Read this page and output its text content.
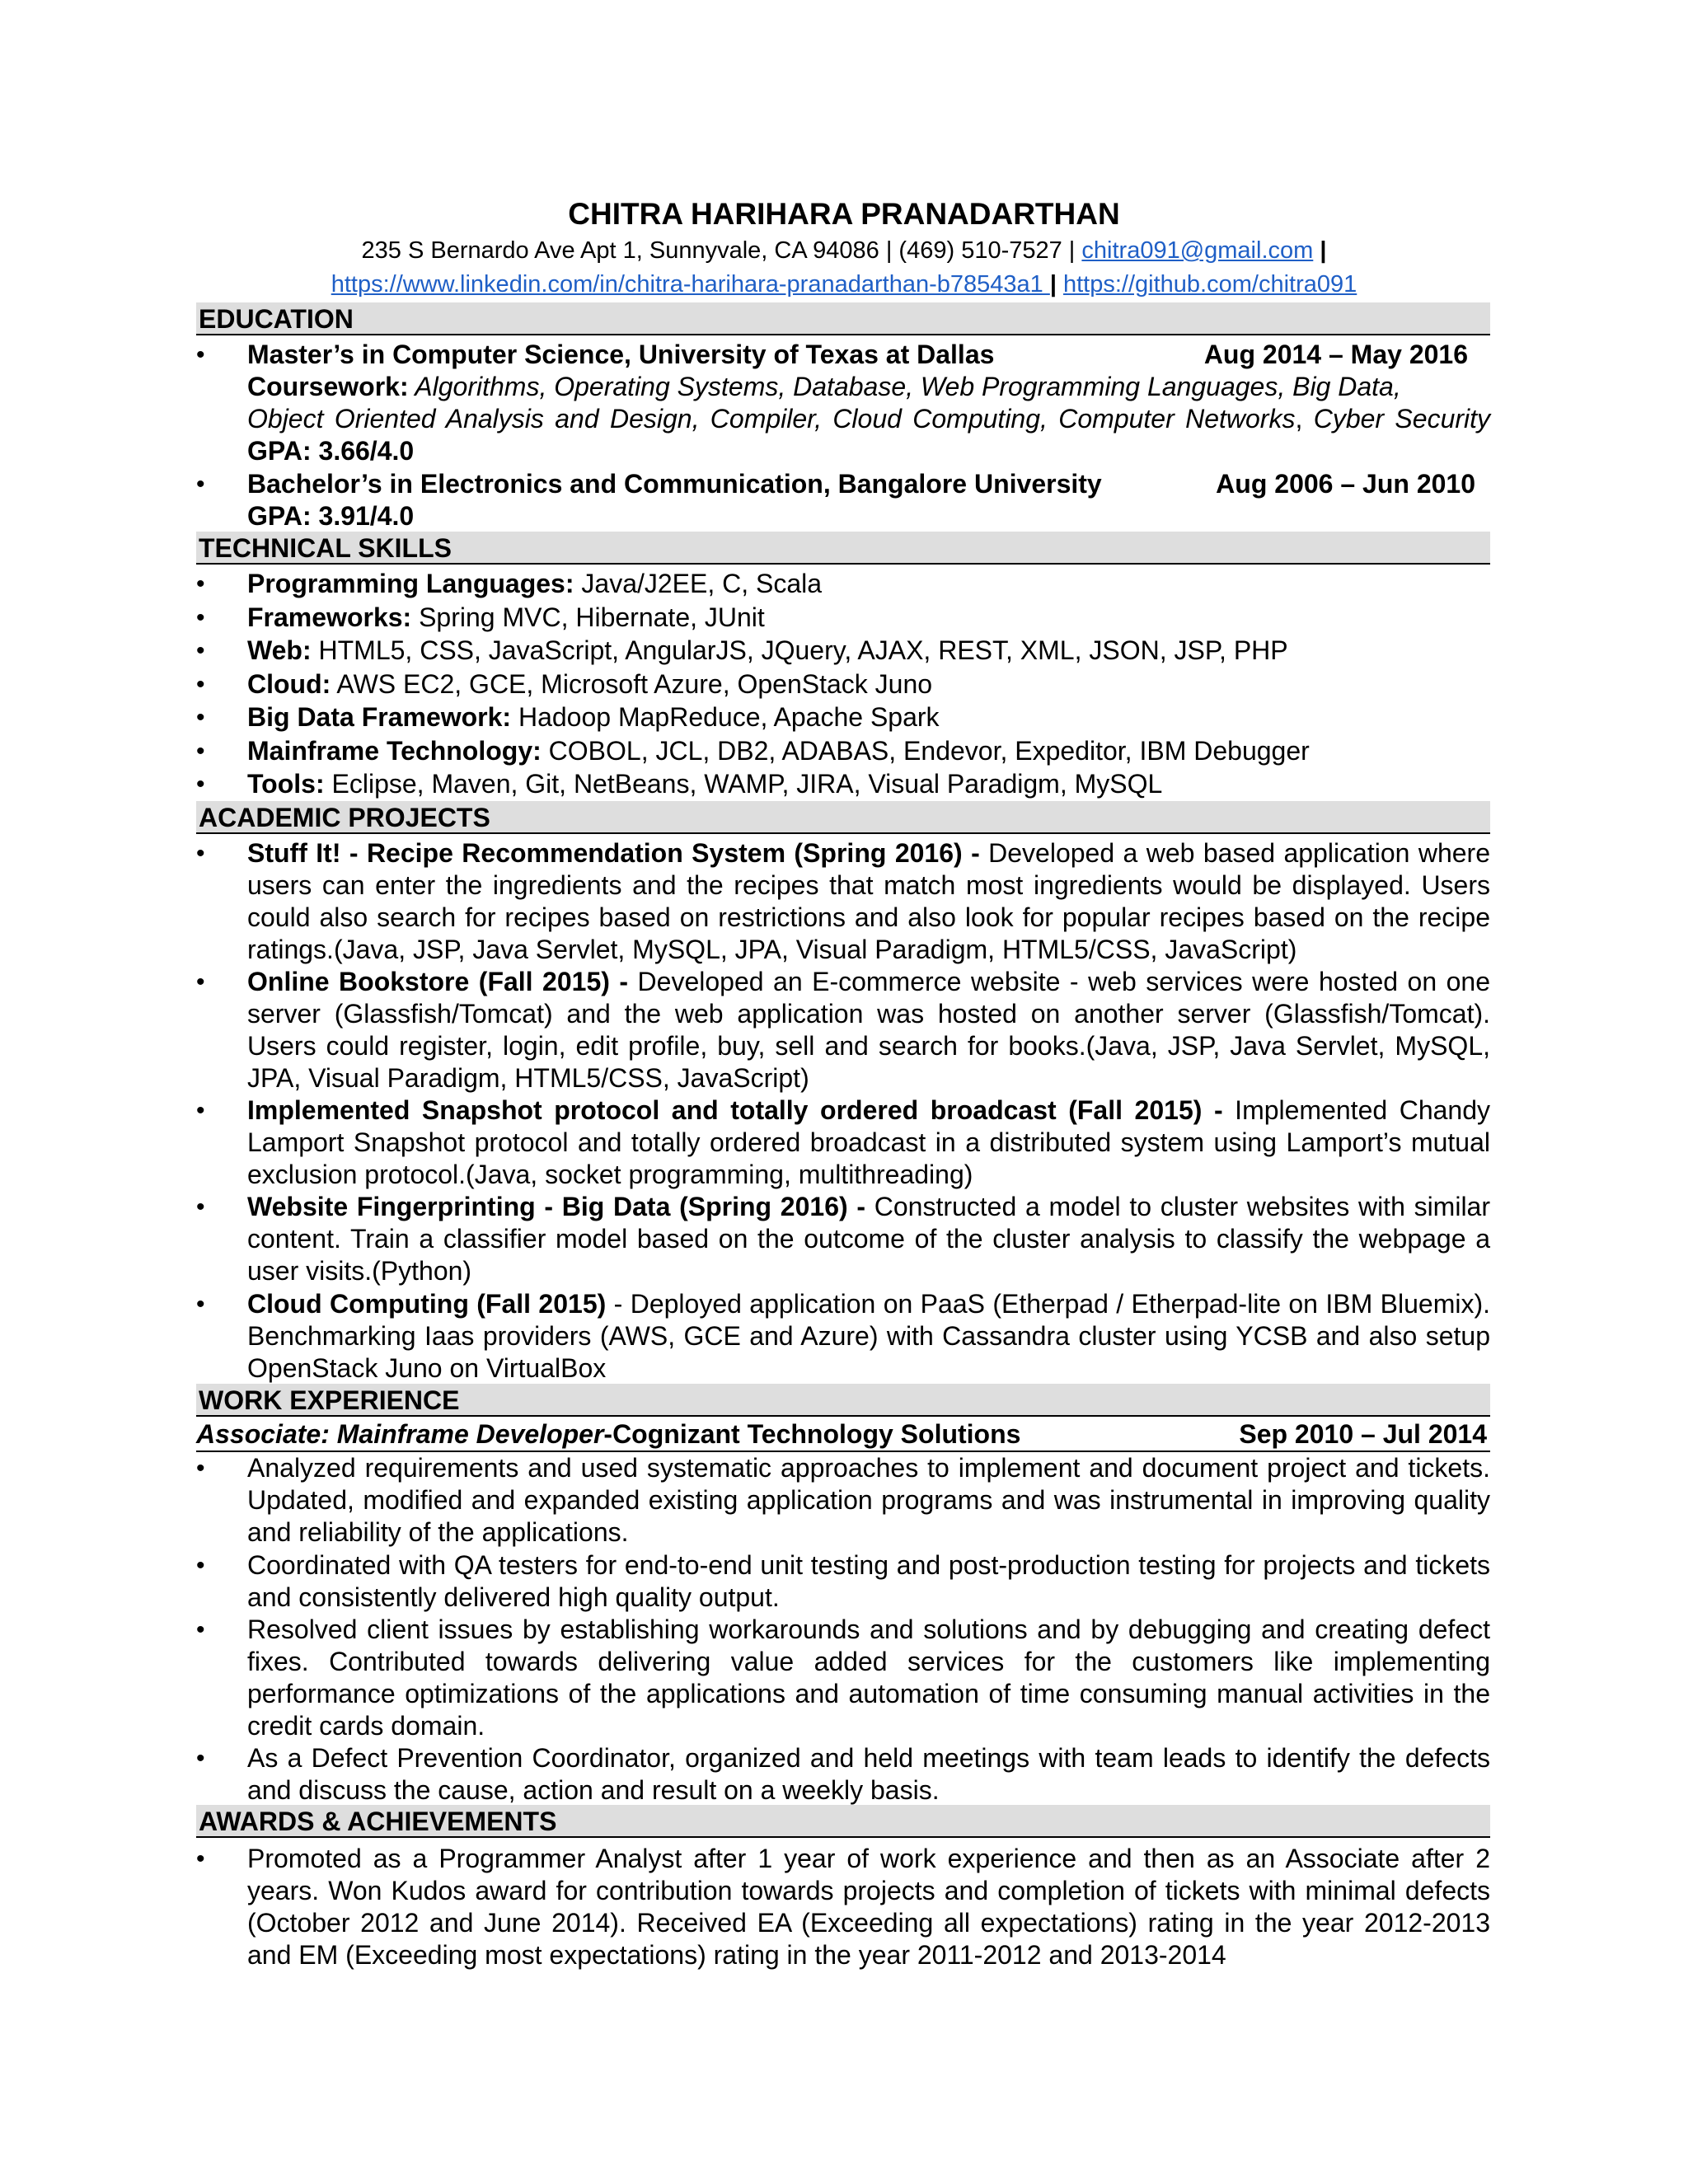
CHITRA HARIHARA PRANADARTHAN
235 S Bernardo Ave Apt 1, Sunnyvale, CA 94086 | (469) 510-7527 | chitra091@gmail.com |
https://www.linkedin.com/in/chitra-harihara-pranadarthan-b78543a1 | https://github.com/chitra091
EDUCATION
• Master’s in Computer Science, University of Texas at Dallas	Aug 2014 – May 2016
Coursework: Algorithms, Operating Systems, Database, Web Programming Languages, Big Data,
Object Oriented Analysis and Design, Compiler, Cloud Computing, Computer Networks, Cyber Security
GPA: 3.66/4.0
• Bachelor’s in Electronics and Communication, Bangalore University	Aug 2006 – Jun 2010
GPA: 3.91/4.0
TECHNICAL SKILLS
• Programming Languages: Java/J2EE, C, Scala
• Frameworks: Spring MVC, Hibernate, JUnit
• Web: HTML5, CSS, JavaScript, AngularJS, JQuery, AJAX, REST, XML, JSON, JSP, PHP
• Cloud: AWS EC2, GCE, Microsoft Azure, OpenStack Juno
• Big Data Framework: Hadoop MapReduce, Apache Spark
• Mainframe Technology: COBOL, JCL, DB2, ADABAS, Endevor, Expeditor, IBM Debugger
• Tools: Eclipse, Maven, Git, NetBeans, WAMP, JIRA, Visual Paradigm, MySQL
ACADEMIC PROJECTS
• Stuff It! - Recipe Recommendation System (Spring 2016) - Developed a web based application where users can enter the ingredients and the recipes that match most ingredients would be displayed. Users could also search for recipes based on restrictions and also look for popular recipes based on the recipe ratings.(Java, JSP, Java Servlet, MySQL, JPA, Visual Paradigm, HTML5/CSS, JavaScript)
• Online Bookstore (Fall 2015) - Developed an E-commerce website - web services were hosted on one server (Glassfish/Tomcat) and the web application was hosted on another server (Glassfish/Tomcat). Users could register, login, edit profile, buy, sell and search for books.(Java, JSP, Java Servlet, MySQL, JPA, Visual Paradigm, HTML5/CSS, JavaScript)
• Implemented Snapshot protocol and totally ordered broadcast (Fall 2015) - Implemented Chandy Lamport Snapshot protocol and totally ordered broadcast in a distributed system using Lamport’s mutual exclusion protocol.(Java, socket programming, multithreading)
• Website Fingerprinting - Big Data (Spring 2016) - Constructed a model to cluster websites with similar content. Train a classifier model based on the outcome of the cluster analysis to classify the webpage a user visits.(Python)
• Cloud Computing (Fall 2015) - Deployed application on PaaS (Etherpad / Etherpad-lite on IBM Bluemix). Benchmarking Iaas providers (AWS, GCE and Azure) with Cassandra cluster using YCSB and also setup OpenStack Juno on VirtualBox
WORK EXPERIENCE
Associate: Mainframe Developer-Cognizant Technology Solutions	Sep 2010 – Jul 2014
• Analyzed requirements and used systematic approaches to implement and document project and tickets. Updated, modified and expanded existing application programs and was instrumental in improving quality and reliability of the applications.
• Coordinated with QA testers for end-to-end unit testing and post-production testing for projects and tickets and consistently delivered high quality output.
• Resolved client issues by establishing workarounds and solutions and by debugging and creating defect fixes. Contributed towards delivering value added services for the customers like implementing performance optimizations of the applications and automation of time consuming manual activities in the credit cards domain.
• As a Defect Prevention Coordinator, organized and held meetings with team leads to identify the defects and discuss the cause, action and result on a weekly basis.
AWARDS & ACHIEVEMENTS
• Promoted as a Programmer Analyst after 1 year of work experience and then as an Associate after 2 years. Won Kudos award for contribution towards projects and completion of tickets with minimal defects (October 2012 and June 2014). Received EA (Exceeding all expectations) rating in the year 2012-2013 and EM (Exceeding most expectations) rating in the year 2011-2012 and 2013-2014
